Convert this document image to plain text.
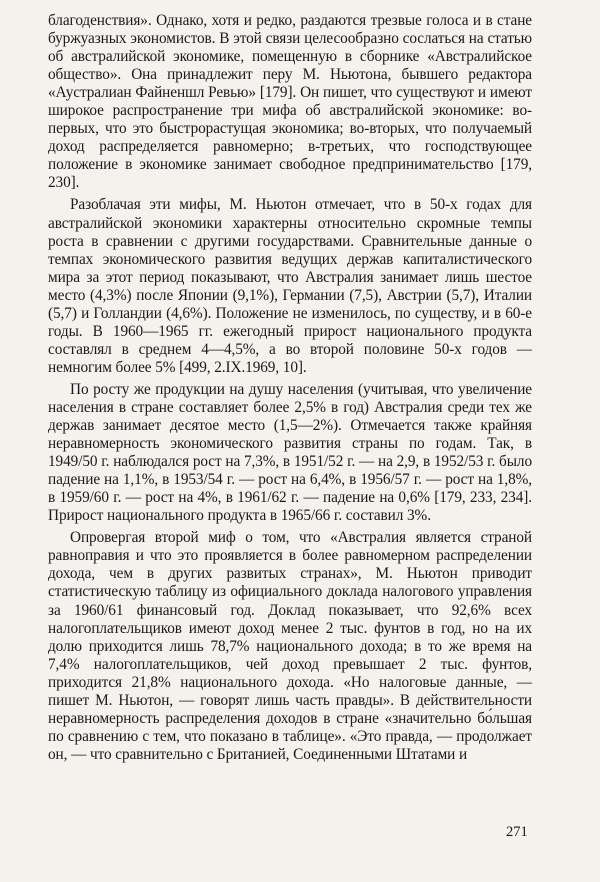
благоденствия». Однако, хотя и редко, раздаются трезвые голоса и в стане буржуазных экономистов. В этой связи целесообразно сослаться на статью об австралийской экономике, помещенную в сборнике «Австралийское общество». Она принадлежит перу М. Ньютона, бывшего редактора «Аустралиан Файненшл Ревью» [179]. Он пишет, что существуют и имеют широкое распространение три мифа об австралийской экономике: во-первых, что это быстрорастущая экономика; во-вторых, что получаемый доход распределяется равномерно; в-третьих, что господствующее положение в экономике занимает свободное предпринимательство [179, 230].

Разоблачая эти мифы, М. Ньютон отмечает, что в 50-х годах для австралийской экономики характерны относительно скромные темпы роста в сравнении с другими государствами. Сравнительные данные о темпах экономического развития ведущих держав капиталистического мира за этот период показывают, что Австралия занимает лишь шестое место (4,3%) после Японии (9,1%), Германии (7,5), Австрии (5,7), Италии (5,7) и Голландии (4,6%). Положение не изменилось, по существу, и в 60-е годы. В 1960—1965 гг. ежегодный прирост национального продукта составлял в среднем 4—4,5%, а во второй половине 50-х годов — немногим более 5% [499, 2.IX.1969, 10].

По росту же продукции на душу населения (учитывая, что увеличение населения в стране составляет более 2,5% в год) Австралия среди тех же держав занимает десятое место (1,5—2%). Отмечается также крайняя неравномерность экономического развития страны по годам. Так, в 1949/50 г. наблюдался рост на 7,3%, в 1951/52 г. — на 2,9, в 1952/53 г. было падение на 1,1%, в 1953/54 г. — рост на 6,4%, в 1956/57 г. — рост на 1,8%, в 1959/60 г. — рост на 4%, в 1961/62 г. — падение на 0,6% [179, 233, 234]. Прирост национального продукта в 1965/66 г. составил 3%.

Опровергая второй миф о том, что «Австралия является страной равноправия и что это проявляется в более равномерном распределении дохода, чем в других развитых странах», М. Ньютон приводит статистическую таблицу из официального доклада налогового управления за 1960/61 финансовый год. Доклад показывает, что 92,6% всех налогоплательщиков имеют доход менее 2 тыс. фунтов в год, но на их долю приходится лишь 78,7% национального дохода; в то же время на 7,4% налогоплательщиков, чей доход превышает 2 тыс. фунтов, приходится 21,8% национального дохода. «Но налоговые данные, — пишет М. Ньютон, — говорят лишь часть правды». В действительности неравномерность распределения доходов в стране «значительно бо́льшая по сравнению с тем, что показано в таблице». «Это правда, — продолжает он, — что сравнительно с Британией, Соединенными Штатами и

271
